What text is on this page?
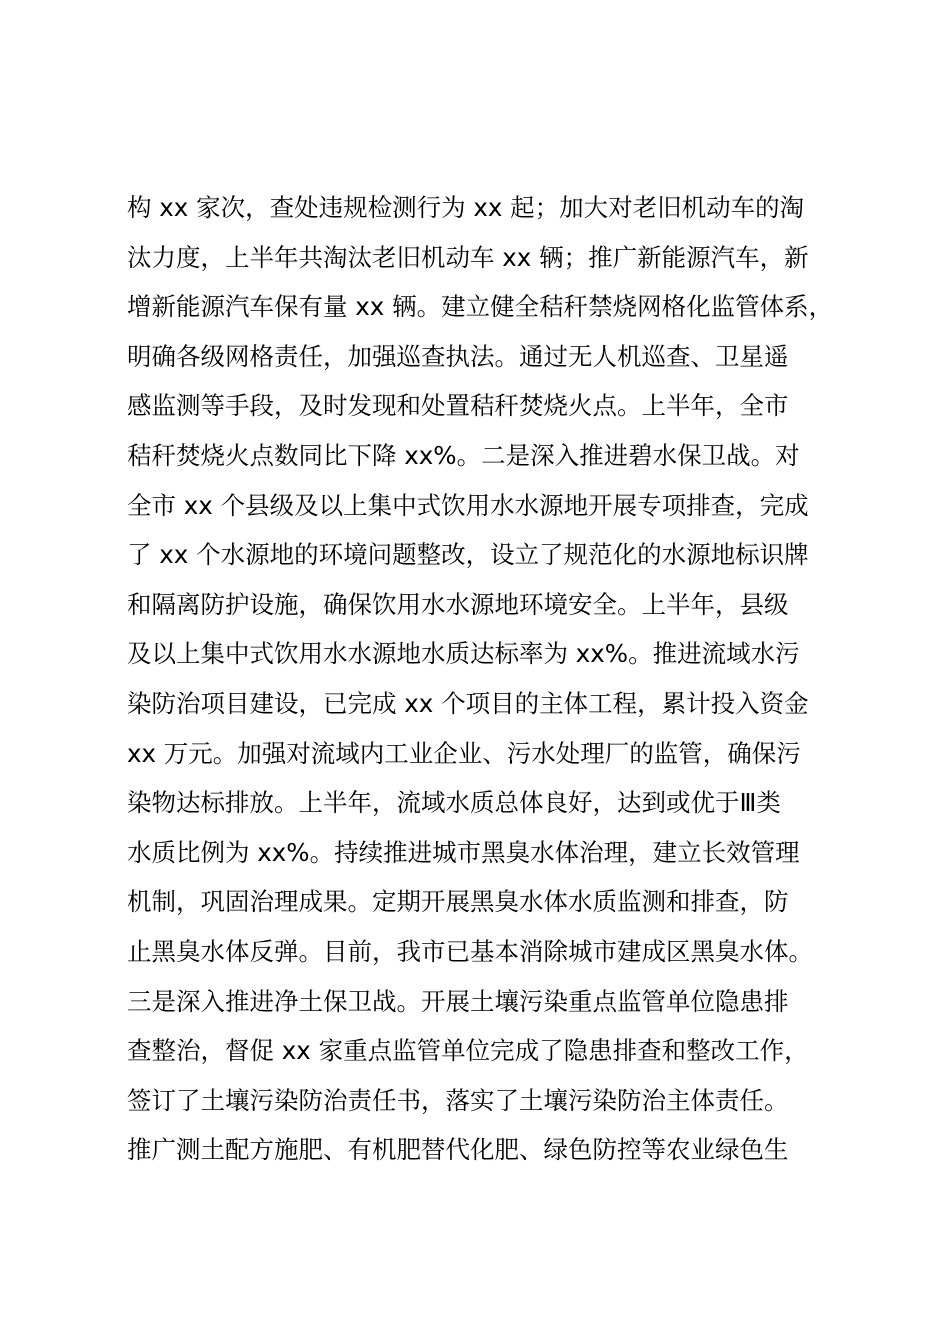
构 xx 家次，查处违规检测行为 xx 起；加大对老旧机动车的淘
汰力度，上半年共淘汰老旧机动车 xx 辆；推广新能源汽车，新
增新能源汽车保有量 xx 辆。建立健全秸秆禁烧网格化监管体系，
明确各级网格责任，加强巡查执法。通过无人机巡查、卫星遥
感监测等手段，及时发现和处置秸秆焚烧火点。上半年，全市
秸秆焚烧火点数同比下降 xx%。二是深入推进碧水保卫战。对
全市 xx 个县级及以上集中式饮用水水源地开展专项排查，完成
了 xx 个水源地的环境问题整改，设立了规范化的水源地标识牌
和隔离防护设施，确保饮用水水源地环境安全。上半年，县级
及以上集中式饮用水水源地水质达标率为 xx%。推进流域水污
染防治项目建设，已完成 xx 个项目的主体工程，累计投入资金
xx 万元。加强对流域内工业企业、污水处理厂的监管，确保污
染物达标排放。上半年，流域水质总体良好，达到或优于Ⅲ类
水质比例为 xx%。持续推进城市黑臭水体治理，建立长效管理
机制，巩固治理成果。定期开展黑臭水体水质监测和排查，防
止黑臭水体反弹。目前，我市已基本消除城市建成区黑臭水体。
三是深入推进净土保卫战。开展土壤污染重点监管单位隐患排
查整治，督促 xx 家重点监管单位完成了隐患排查和整改工作，
签订了土壤污染防治责任书，落实了土壤污染防治主体责任。
推广测土配方施肥、有机肥替代化肥、绿色防控等农业绿色生
